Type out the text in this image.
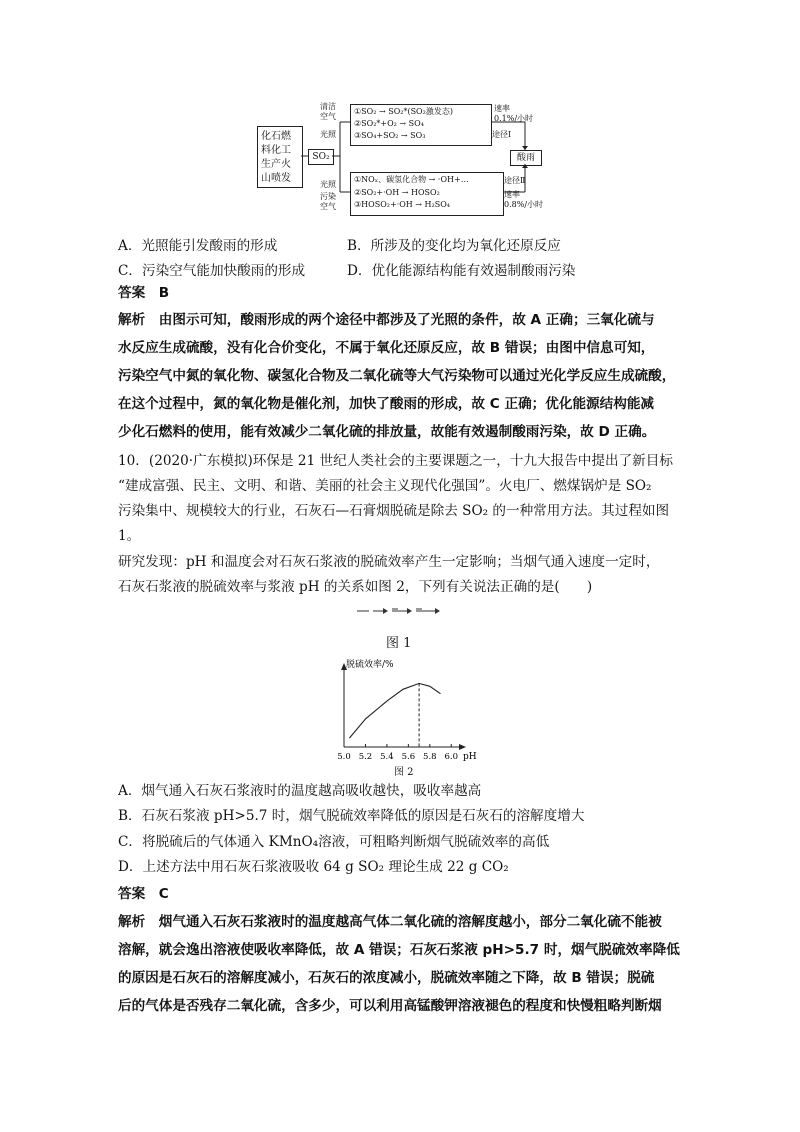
化石燃
料化工
生产火
山喷发
SO₂
清洁
空气
光照
光照
污染
空气
①SO₂ → SO₂*(SO₂激发态)
②SO₂*+O₂ → SO₄
③SO₄+SO₂ → SO₃
①NOₓ、碳氢化合物 → ·OH+…
②SO₂+·OH → HOSO₂
③HOSO₂+·OH → H₂SO₄
速率
0.1%/小时
途径Ⅰ
酸雨
途径Ⅱ
速率
0.8%/小时
A．光照能引发酸雨的形成	B．所涉及的变化均为氧化还原反应
C．污染空气能加快酸雨的形成	D．优化能源结构能有效遏制酸雨污染
答案　B
解析　由图示可知，酸雨形成的两个途径中都涉及了光照的条件，故 A 正确；三氧化硫与
水反应生成硫酸，没有化合价变化，不属于氧化还原反应，故 B 错误；由图中信息可知，
污染空气中氮的氧化物、碳氢化合物及二氧化硫等大气污染物可以通过光化学反应生成硫酸，
在这个过程中，氮的氧化物是催化剂，加快了酸雨的形成，故 C 正确；优化能源结构能减
少化石燃料的使用，能有效减少二氧化硫的排放量，故能有效遏制酸雨污染，故 D 正确。
10．(2020·广东模拟)环保是 21 世纪人类社会的主要课题之一，十九大报告中提出了新目标
“建成富强、民主、文明、和谐、美丽的社会主义现代化强国”。火电厂、燃煤锅炉是 SO₂
污染集中、规模较大的行业，石灰石—石膏烟脱硫是除去 SO₂ 的一种常用方法。其过程如图
1。
研究发现：pH 和温度会对石灰石浆液的脱硫效率产生一定影响；当烟气通入速度一定时，
石灰石浆液的脱硫效率与浆液 pH 的关系如图 2，下列有关说法正确的是(　　)
图 1
脱硫效率/%
pH
5.0 5.2 5.4 5.6 5.8 6.0
图 2
A．烟气通入石灰石浆液时的温度越高吸收越快，吸收率越高
B．石灰石浆液 pH>5.7 时，烟气脱硫效率降低的原因是石灰石的溶解度增大
C．将脱硫后的气体通入 KMnO₄溶液，可粗略判断烟气脱硫效率的高低
D．上述方法中用石灰石浆液吸收 64 g SO₂ 理论生成 22 g CO₂
答案　C
解析　烟气通入石灰石浆液时的温度越高气体二氧化硫的溶解度越小，部分二氧化硫不能被
溶解，就会逸出溶液使吸收率降低，故 A 错误；石灰石浆液 pH>5.7 时，烟气脱硫效率降低
的原因是石灰石的溶解度减小，石灰石的浓度减小，脱硫效率随之下降，故 B 错误；脱硫
后的气体是否残存二氧化硫，含多少，可以利用高锰酸钾溶液褪色的程度和快慢粗略判断烟
